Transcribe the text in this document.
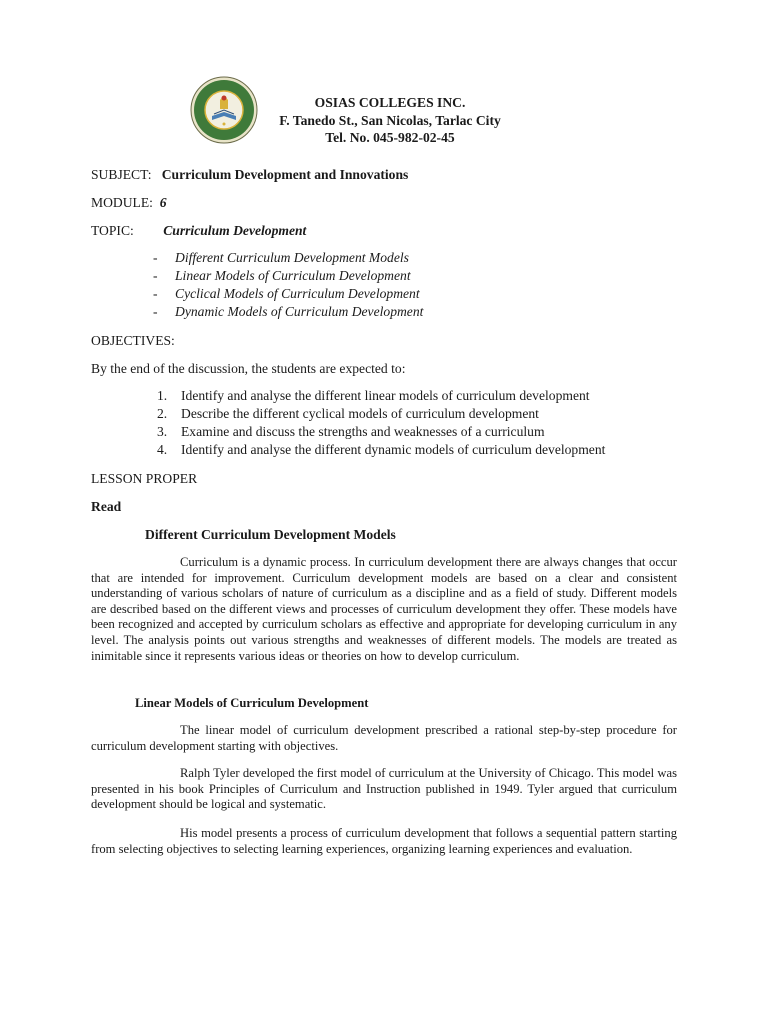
OSIAS COLLEGES INC.
F. Tanedo St., San Nicolas, Tarlac City
Tel. No. 045-982-02-45
SUBJECT: Curriculum Development and Innovations
MODULE: 6
TOPIC: Curriculum Development
- Different Curriculum Development Models
- Linear Models of Curriculum Development
- Cyclical Models of Curriculum Development
- Dynamic Models of Curriculum Development
OBJECTIVES:
By the end of the discussion, the students are expected to:
1. Identify and analyse the different linear models of curriculum development
2. Describe the different cyclical models of curriculum development
3. Examine and discuss the strengths and weaknesses of a curriculum
4. Identify and analyse the different dynamic models of curriculum development
LESSON PROPER
Read
Different Curriculum Development Models
Curriculum is a dynamic process. In curriculum development there are always changes that occur that are intended for improvement. Curriculum development models are based on a clear and consistent understanding of various scholars of nature of curriculum as a discipline and as a field of study. Different models are described based on the different views and processes of curriculum development they offer. These models have been recognized and accepted by curriculum scholars as effective and appropriate for developing curriculum in any level. The analysis points out various strengths and weaknesses of different models. The models are treated as inimitable since it represents various ideas or theories on how to develop curriculum.
Linear Models of Curriculum Development
The linear model of curriculum development prescribed a rational step-by-step procedure for curriculum development starting with objectives.
Ralph Tyler developed the first model of curriculum at the University of Chicago. This model was presented in his book Principles of Curriculum and Instruction published in 1949. Tyler argued that curriculum development should be logical and systematic.
His model presents a process of curriculum development that follows a sequential pattern starting from selecting objectives to selecting learning experiences, organizing learning experiences and evaluation.
